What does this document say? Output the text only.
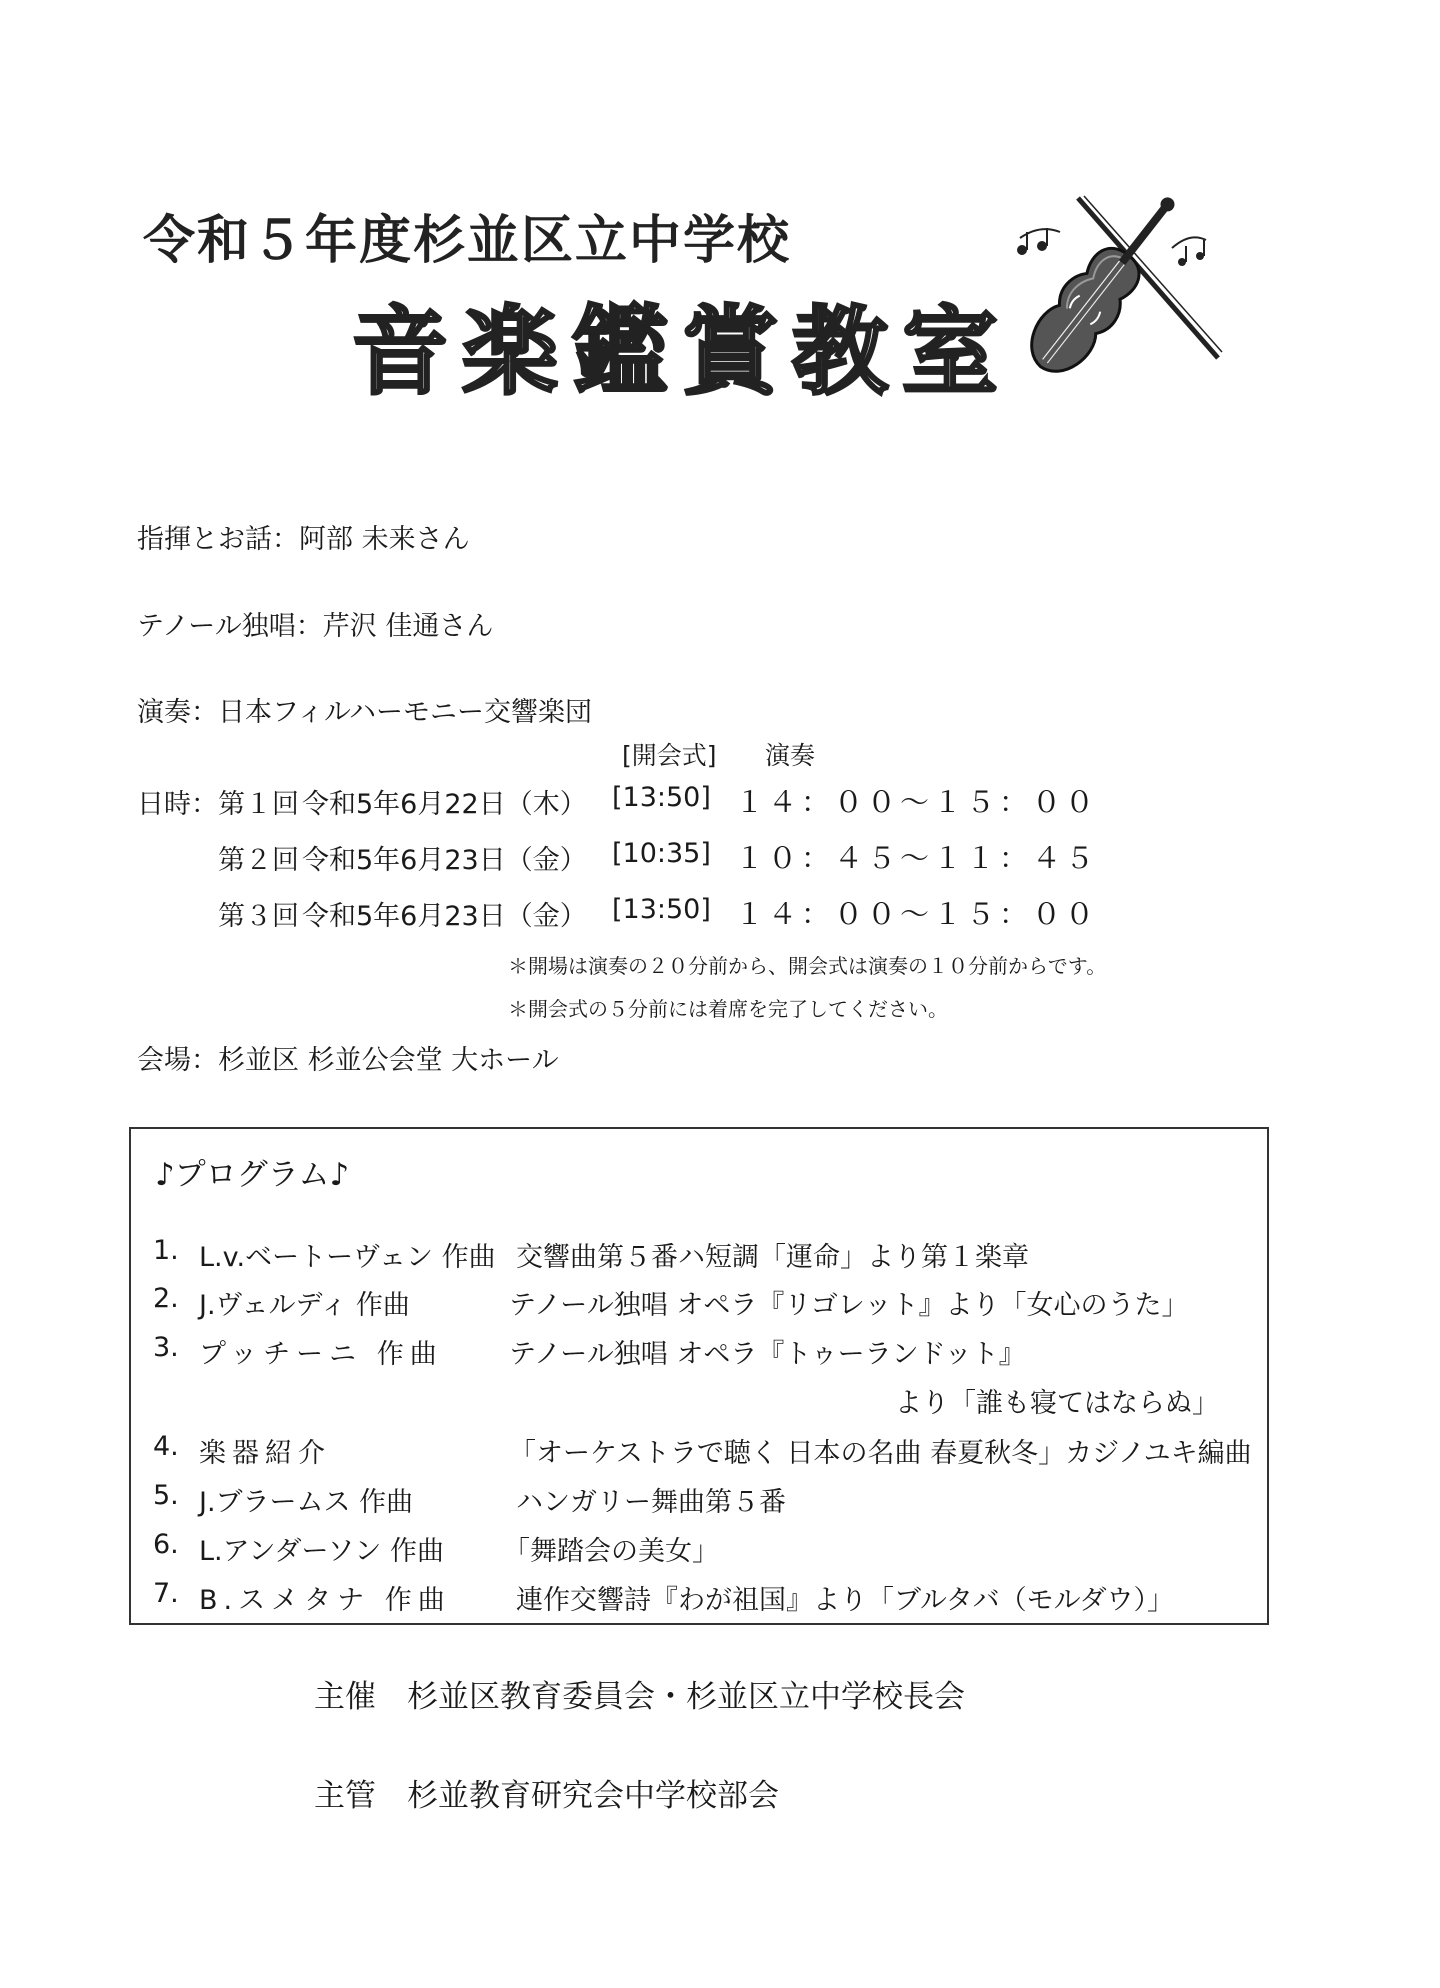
令和５年度杉並区立中学校
音楽鑑賞教室
指揮とお話：阿部 未来さん
テノール独唱：芹沢 佳通さん
演奏：日本フィルハーモニー交響楽団
[開会式] 演奏
日時： 第１回 令和5年6月22日（木） [13:50] １４：００～１５：００
第２回 令和5年6月23日（金） [10:35] １０：４５～１１：４５
第３回 令和5年6月23日（金） [13:50] １４：００～１５：００
＊開場は演奏の２０分前から、開会式は演奏の１０分前からです。
＊開会式の５分前には着席を完了してください。
会場：杉並区 杉並公会堂 大ホール
♪プログラム♪
1. L.v.ベートーヴェン 作曲 交響曲第５番ハ短調「運命」より第１楽章
2. J.ヴェルディ 作曲	テノール独唱 オペラ『リゴレット』より「女心のうた」
3. プッチーニ 作曲 テノール独唱 オペラ『トゥーランドット』
より「誰も寝てはならぬ」
4. 楽器紹介	「オーケストラで聴く 日本の名曲 春夏秋冬」カジノユキ編曲
5. J.ブラームス 作曲	ハンガリー舞曲第５番
6. L.アンダーソン 作曲 「舞踏会の美女」
7. B.スメタナ 作曲 連作交響詩『わが祖国』より「ブルタバ（モルダウ）」
主催　杉並区教育委員会・杉並区立中学校長会
主管　杉並教育研究会中学校部会
